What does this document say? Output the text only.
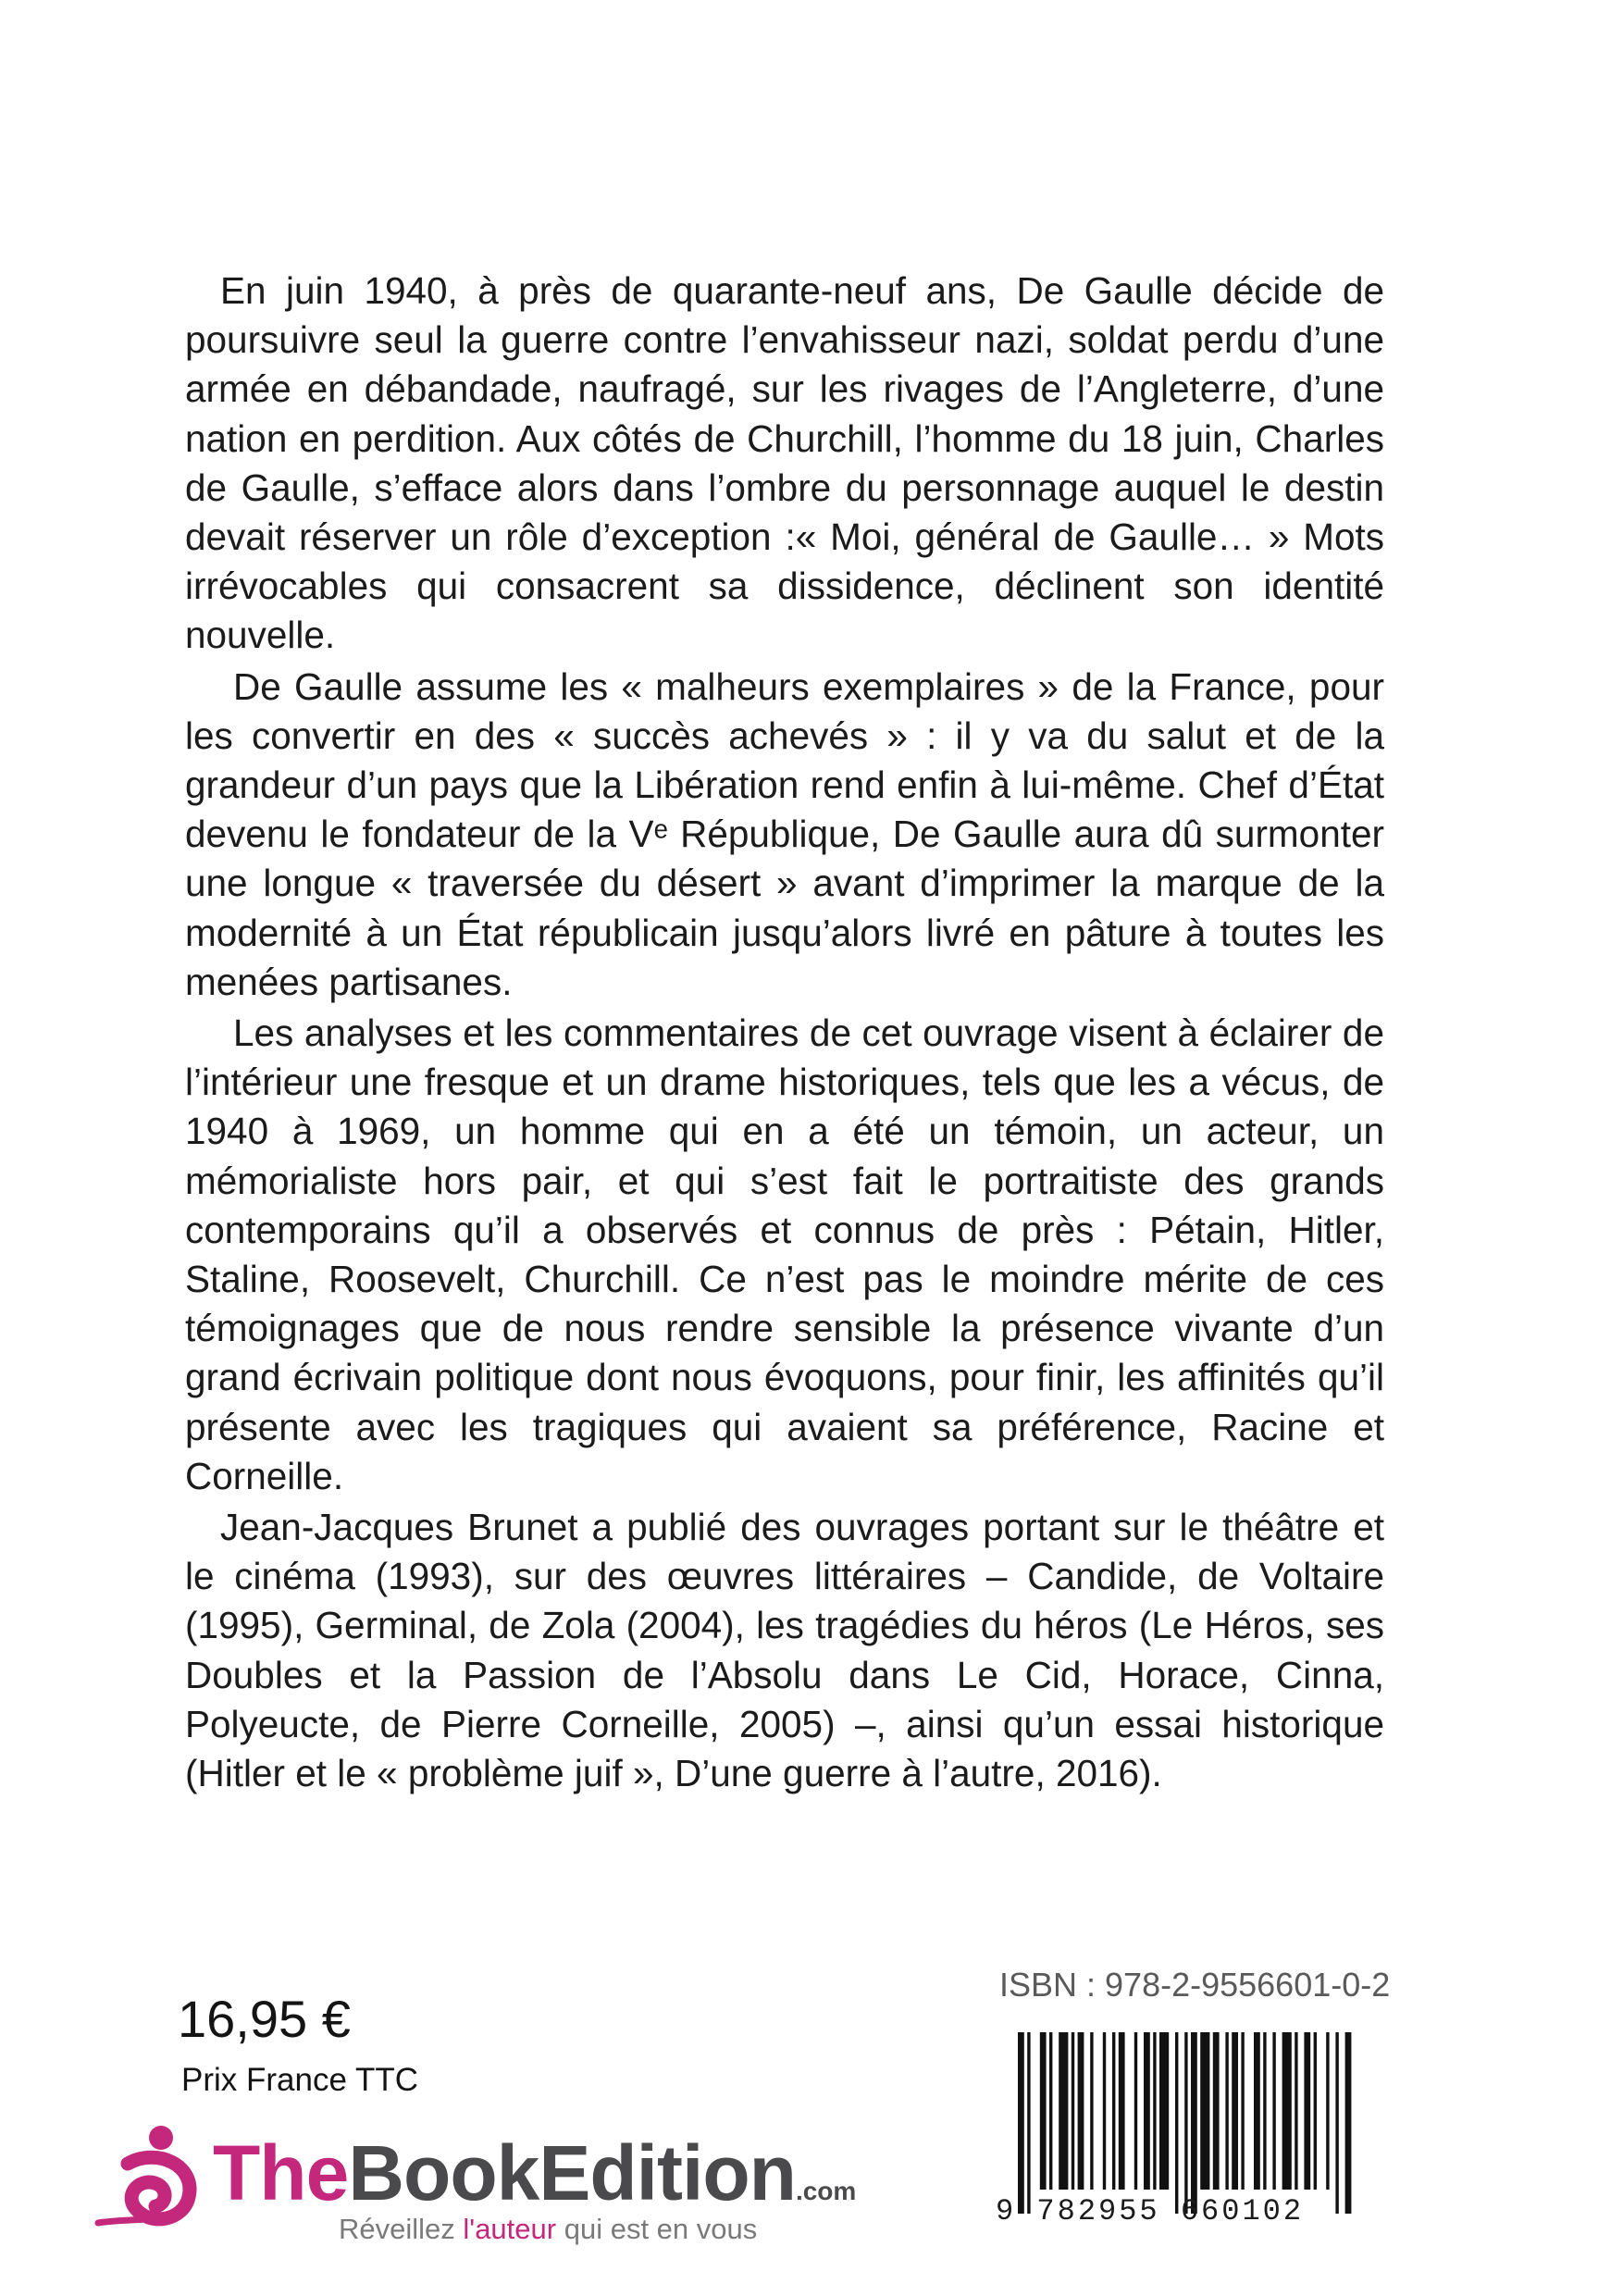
En juin 1940, à près de quarante-neuf ans, De Gaulle décide de poursuivre seul la guerre contre l’envahisseur nazi, soldat perdu d’une armée en débandade, naufragé, sur les rivages de l’Angleterre, d’une nation en perdition. Aux côtés de Churchill, l’homme du 18 juin, Charles de Gaulle, s’efface alors dans l’ombre du personnage auquel le destin devait réserver un rôle d’exception :« Moi, général de Gaulle… » Mots irrévocables qui consacrent sa dissidence, déclinent son identité nouvelle.

De Gaulle assume les « malheurs exemplaires » de la France, pour les convertir en des « succès achevés » : il y va du salut et de la grandeur d’un pays que la Libération rend enfin à lui-même. Chef d’État devenu le fondateur de la Vᵉ République, De Gaulle aura dû surmonter une longue « traversée du désert » avant d’imprimer la marque de la modernité à un État républicain jusqu’alors livré en pâture à toutes les menées partisanes.

Les analyses et les commentaires de cet ouvrage visent à éclairer de l’intérieur une fresque et un drame historiques, tels que les a vécus, de 1940 à 1969, un homme qui en a été un témoin, un acteur, un mémorialiste hors pair, et qui s’est fait le portraitiste des grands contemporains qu’il a observés et connus de près : Pétain, Hitler, Staline, Roosevelt, Churchill. Ce n’est pas le moindre mérite de ces témoignages que de nous rendre sensible la présence vivante d’un grand écrivain politique dont nous évoquons, pour finir, les affinités qu’il présente avec les tragiques qui avaient sa préférence, Racine et Corneille.

Jean-Jacques Brunet a publié des ouvrages portant sur le théâtre et le cinéma (1993), sur des œuvres littéraires – Candide, de Voltaire (1995), Germinal, de Zola (2004), les tragédies du héros (Le Héros, ses Doubles et la Passion de l’Absolu dans Le Cid, Horace, Cinna, Polyeucte, de Pierre Corneille, 2005) –, ainsi qu’un essai historique (Hitler et le « problème juif », D’une guerre à l’autre, 2016).

16,95 €
Prix France TTC
TheBookEdition.com
Réveillez l'auteur qui est en vous
ISBN : 978-2-9556601-0-2
9 782955 660102
